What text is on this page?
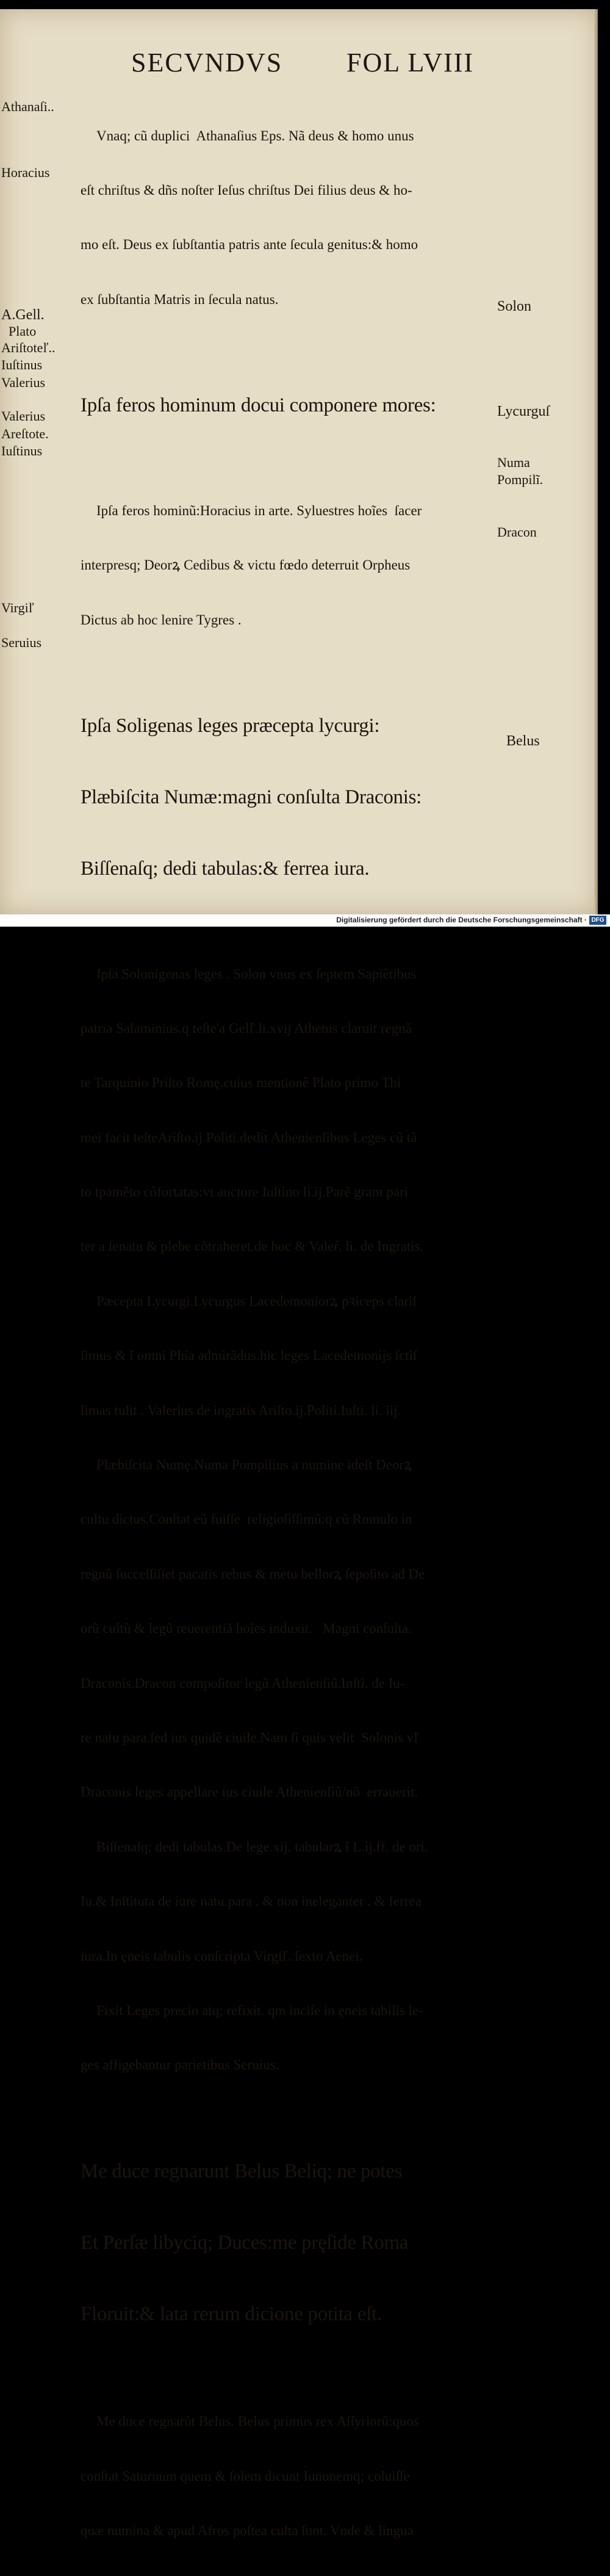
SECVNDVS FOL LVIII

Vnaq; cũ duplici  Athanaſius Eps. Nã deus & homo unus

eſt chriſtus & dñs noſter Ieſus chriſtus Dei filius deus & ho-

mo eſt. Deus ex ſubſtantia patris ante ſecula genitus:& homo

ex ſubſtantia Matris in ſecula natus.

Ipſa feros hominum docui componere mores:

Ipſa feros hominũ:Horacius in arte. Syluestres hoĩes  ſacer

interpresq; Deorꝝ Cedibus & victu fœdo deterruit Orpheus

Dictus ab hoc lenire Tygres .

Ipſa Soligenas leges præcepta lycurgi:

Plæbiſcita Numæ:magni conſulta Draconis:

Biſſenaſq; dedi tabulas:& ferrea iura.

Ipſa Solonigenas leges . Solon vnus ex ſeptem Sapiẽtibus

patria Salaminius.q teſte'a Gelľ.li.xvij Athenis claruit regnã

te Tarquinio Priſto Romę.cuius mentionẽ Plato primo Thi

mei facit teſteAriſto.ij.Politi.dedit Athenienſibus Leges cũ tã

to tpamẽto cõfortatas:vt auctore Iuſtino li.ij.Parẽ gram pari

ter a ſenatu & plebe cõtraheret.de hoc & Valeŕ. li. de Ingratis.

Pæcepta Lycurgi.Lycurgus Lacedemoniorꝝ pꝛiceps clariſ

ſimus & ĩ omni Phia admirãdus.hic leges Lacedemonijs ſctiſ

ſimas tulit . Valerius de ingratis Ariſto.ij.Politi.Iuſti. li. iij.

Plæbiſcita Numę.Numa Pompilius a numine ideſt Deorꝝ

cultu dictus.Conſtat eũ fuiſſe  religioſiſſimũ:q cũ Romulo in

regnũ ſucceſſiſſet pacatis rebus & metu bellorꝝ ſepoſito ad De

orũ cultũ & legũ reuerentiã hoĩes induxit.   Magni conſulta.

Draconis.Dracon compoſitor legũ Athenienſiũ.Inſti. de Iu-

re natu para.ſed ius quidẽ ciuile.Nam ſi quis velit  Solonis vľ

Draconis leges appellare ius ciuile Athenienſiũ/nõ  errauerit.

Biſſenaſq; dedi tabulas.De lege.xij. tabularꝝ ĩ L.ij.ff. de ori.

Iu.& Inſtitutа de iure natu.para . & non ineleganter . & ferrea

iura.In ęneis tabulis conſcripta Virgiľ. ſexto Aenei.

Fixit Leges precio atq; refixit. qm inciſe in ęneis tabilis le-

ges affigebantur parietibus Seruius.

Me duce regnarunt Belus Beliq; ne potes

Et Perſæ libyciq; Duces:me pręſide Roma

Floruit:& lata rerum dicione potita eſt.

Me duce regnarũt Belus. Belus primus rex Aſſyriorũ:quos

conſtat Saturnum quem & ſolem dicunt Iunonemq; coluiſſe

quæ numina & apud Afros poſtea culta ſunt. Vnde & lingua

Athanaſi..
Horacius
A.Gell.
Plato
Ariſtoteľ..
Iuſtinus
Valerius
Valerius
Areſtote.
Iuſtinus
Virgiľ
Seruius
Solon
Lycurguſ
Numa
Pompilĩ.
Dracon
Belus
Digitalisierung gefördert durch die Deutsche Forschungsgemeinschaft · DFG
